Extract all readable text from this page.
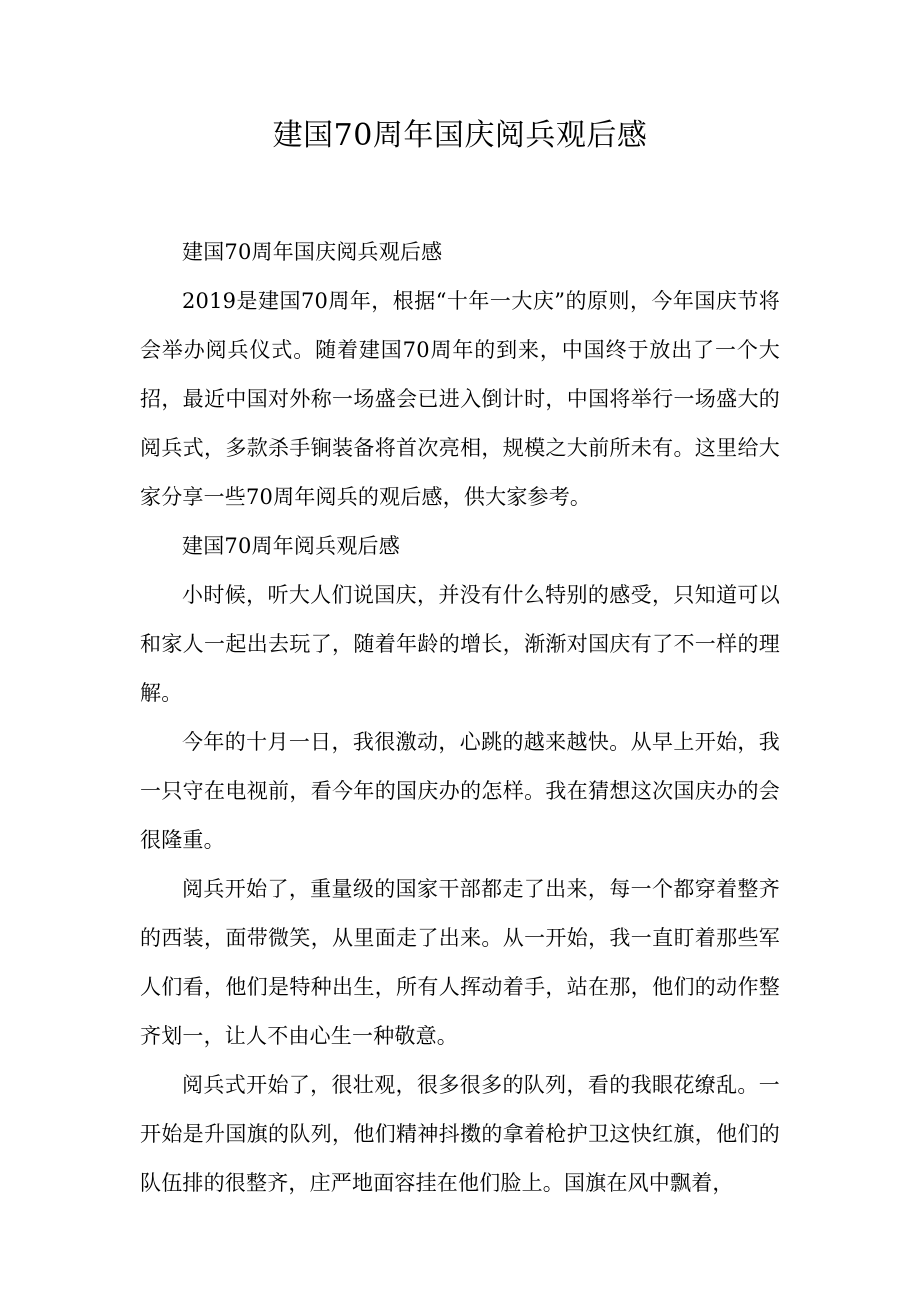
建国70周年国庆阅兵观后感

建国70周年国庆阅兵观后感

2019是建国70周年，根据“十年一大庆”的原则，今年国庆节将会举办阅兵仪式。随着建国70周年的到来，中国终于放出了一个大招，最近中国对外称一场盛会已进入倒计时，中国将举行一场盛大的阅兵式，多款杀手锏装备将首次亮相，规模之大前所未有。这里给大家分享一些70周年阅兵的观后感，供大家参考。

建国70周年阅兵观后感

小时候，听大人们说国庆，并没有什么特别的感受，只知道可以和家人一起出去玩了，随着年龄的增长，渐渐对国庆有了不一样的理解。

今年的十月一日，我很激动，心跳的越来越快。从早上开始，我一只守在电视前，看今年的国庆办的怎样。我在猜想这次国庆办的会很隆重。

阅兵开始了，重量级的国家干部都走了出来，每一个都穿着整齐的西装，面带微笑，从里面走了出来。从一开始，我一直盯着那些军人们看，他们是特种出生，所有人挥动着手，站在那，他们的动作整齐划一，让人不由心生一种敬意。

阅兵式开始了，很壮观，很多很多的队列，看的我眼花缭乱。一开始是升国旗的队列，他们精神抖擞的拿着枪护卫这快红旗，他们的队伍排的很整齐，庄严地面容挂在他们脸上。国旗在风中飘着，
